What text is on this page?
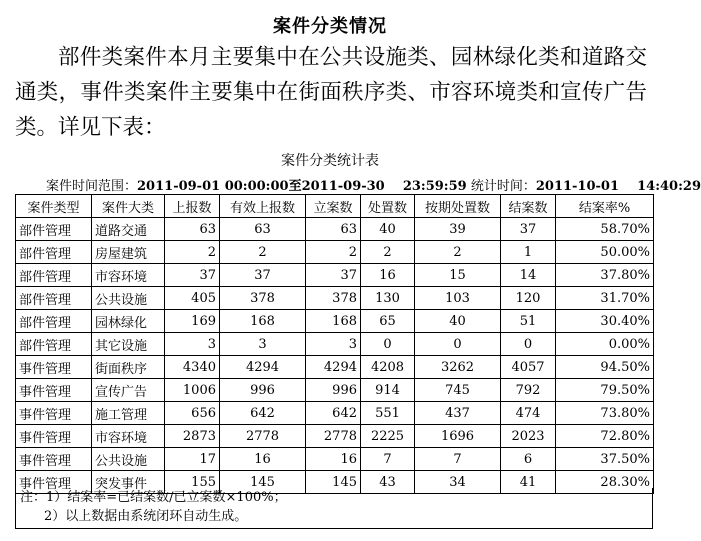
案件分类情况

部件类案件本月主要集中在公共设施类、园林绿化类和道路交通类，事件类案件主要集中在街面秩序类、市容环境类和宣传广告类。详见下表：

案件分类统计表
案件时间范围：2011-09-01 00:00:00至2011-09-30    23:59:59 统计时间：2011-10-01    14:40:29
案件类型	案件大类	上报数	有效上报数	立案数	处置数	按期处置数	结案数	结案率%
部件管理	道路交通	63	63	63	40	39	37	58.70%
部件管理	房屋建筑	2	2	2	2	2	1	50.00%
部件管理	市容环境	37	37	37	16	15	14	37.80%
部件管理	公共设施	405	378	378	130	103	120	31.70%
部件管理	园林绿化	169	168	168	65	40	51	30.40%
部件管理	其它设施	3	3	3	0	0	0	0.00%
事件管理	街面秩序	4340	4294	4294	4208	3262	4057	94.50%
事件管理	宣传广告	1006	996	996	914	745	792	79.50%
事件管理	施工管理	656	642	642	551	437	474	73.80%
事件管理	市容环境	2873	2778	2778	2225	1696	2023	72.80%
事件管理	公共设施	17	16	16	7	7	6	37.50%
事件管理	突发事件	155	145	145	43	34	41	28.30%
注：1）结案率=已结案数/已立案数×100%；
2）以上数据由系统闭环自动生成。
